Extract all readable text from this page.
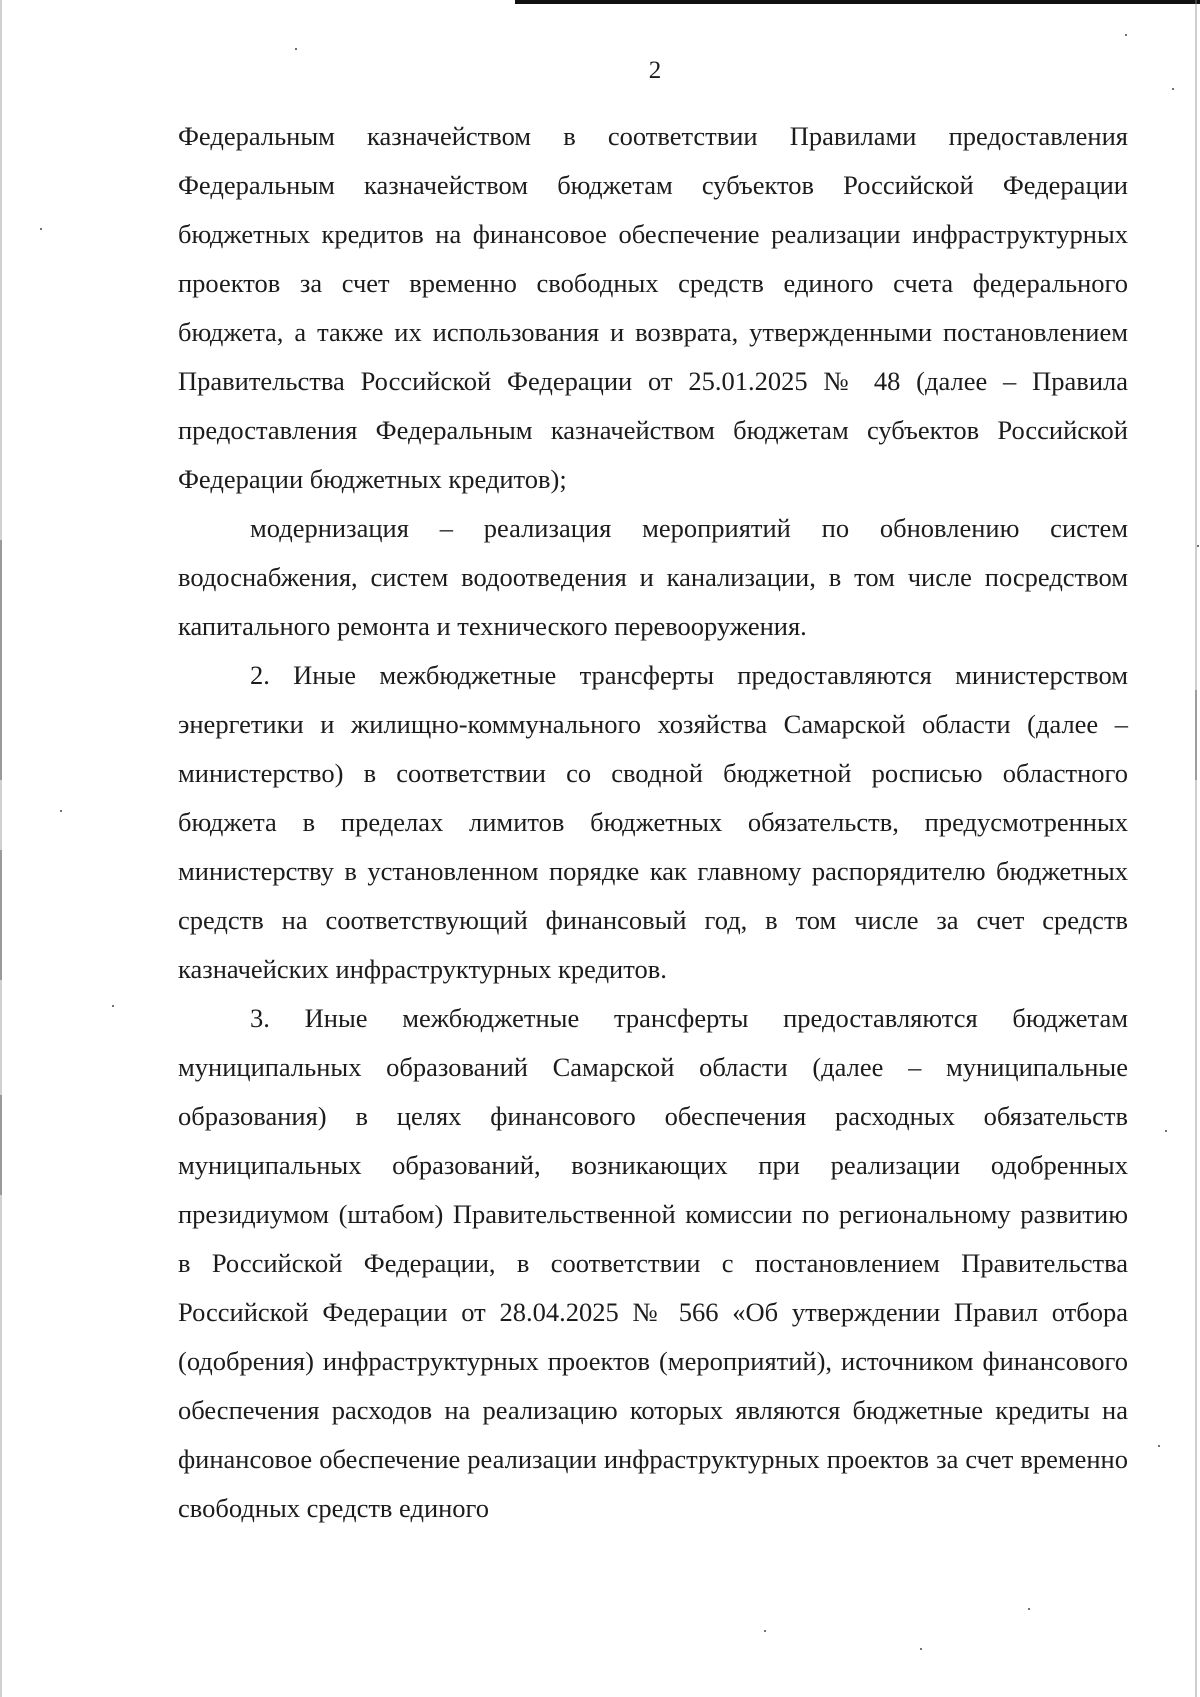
2

Федеральным казначейством в соответствии Правилами предоставления Федеральным казначейством бюджетам субъектов Российской Федерации бюджетных кредитов на финансовое обеспечение реализации инфраструктурных проектов за счет временно свободных средств единого счета федерального бюджета, а также их использования и возврата, утвержденными постановлением Правительства Российской Федерации от 25.01.2025 № 48 (далее – Правила предоставления Федеральным казначейством бюджетам субъектов Российской Федерации бюджетных кредитов);

модернизация – реализация мероприятий по обновлению систем водоснабжения, систем водоотведения и канализации, в том числе посредством капитального ремонта и технического перевооружения.

2. Иные межбюджетные трансферты предоставляются министерством энергетики и жилищно-коммунального хозяйства Самарской области (далее – министерство) в соответствии со сводной бюджетной росписью областного бюджета в пределах лимитов бюджетных обязательств, предусмотренных министерству в установленном порядке как главному распорядителю бюджетных средств на соответствующий финансовый год, в том числе за счет средств казначейских инфраструктурных кредитов.

3. Иные межбюджетные трансферты предоставляются бюджетам муниципальных образований Самарской области (далее – муниципальные образования) в целях финансового обеспечения расходных обязательств муниципальных образований, возникающих при реализации одобренных президиумом (штабом) Правительственной комиссии по региональному развитию в Российской Федерации, в соответствии с постановлением Правительства Российской Федерации от 28.04.2025 № 566 «Об утверждении Правил отбора (одобрения) инфраструктурных проектов (мероприятий), источником финансового обеспечения расходов на реализацию которых являются бюджетные кредиты на финансовое обеспечение реализации инфраструктурных проектов за счет временно свободных средств единого
